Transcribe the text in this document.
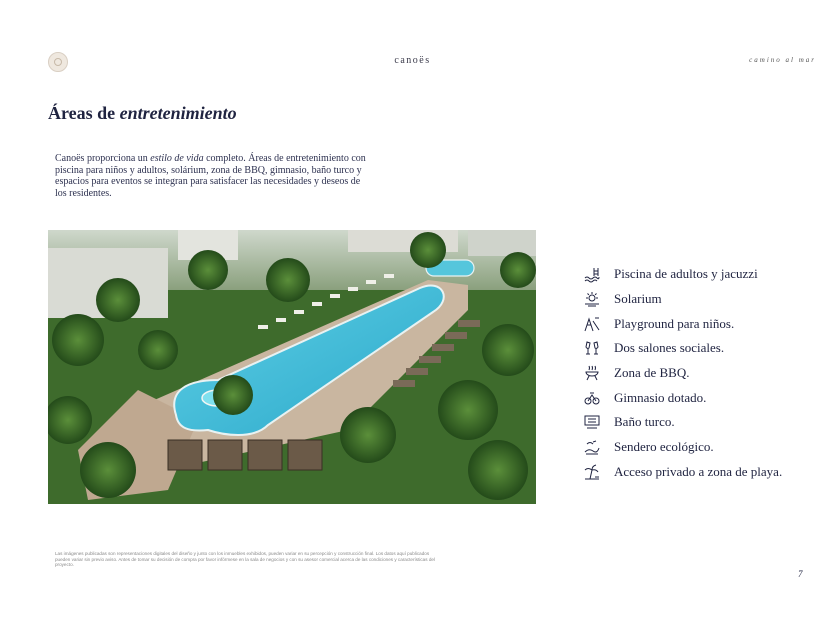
canoës	camino al mar
Áreas de entretenimiento

Canoës proporciona un estilo de vida completo. Áreas de entretenimiento con piscina para niños y adultos, solárium, zona de BBQ, gimnasio, baño turco y espacios para eventos se integran para satisfacer las necesidades y deseos de los residentes.

Piscina de adultos y jacuzzi
Solarium
Playground para niños.
Dos salones sociales.
Zona de BBQ.
Gimnasio dotado.
Baño turco.
Sendero ecológico.
Acceso privado a zona de playa.

Las imágenes publicadas son representaciones digitales del diseño y junto con los inmuebles exhibidos, pueden variar en su percepción y construcción final. Los datos aquí publicados pueden variar sin previo aviso. Antes de tomar su decisión de compra por favor infórmese en la sala de negocios y con su asesor comercial acerca de las condiciones y características del proyecto.

7
